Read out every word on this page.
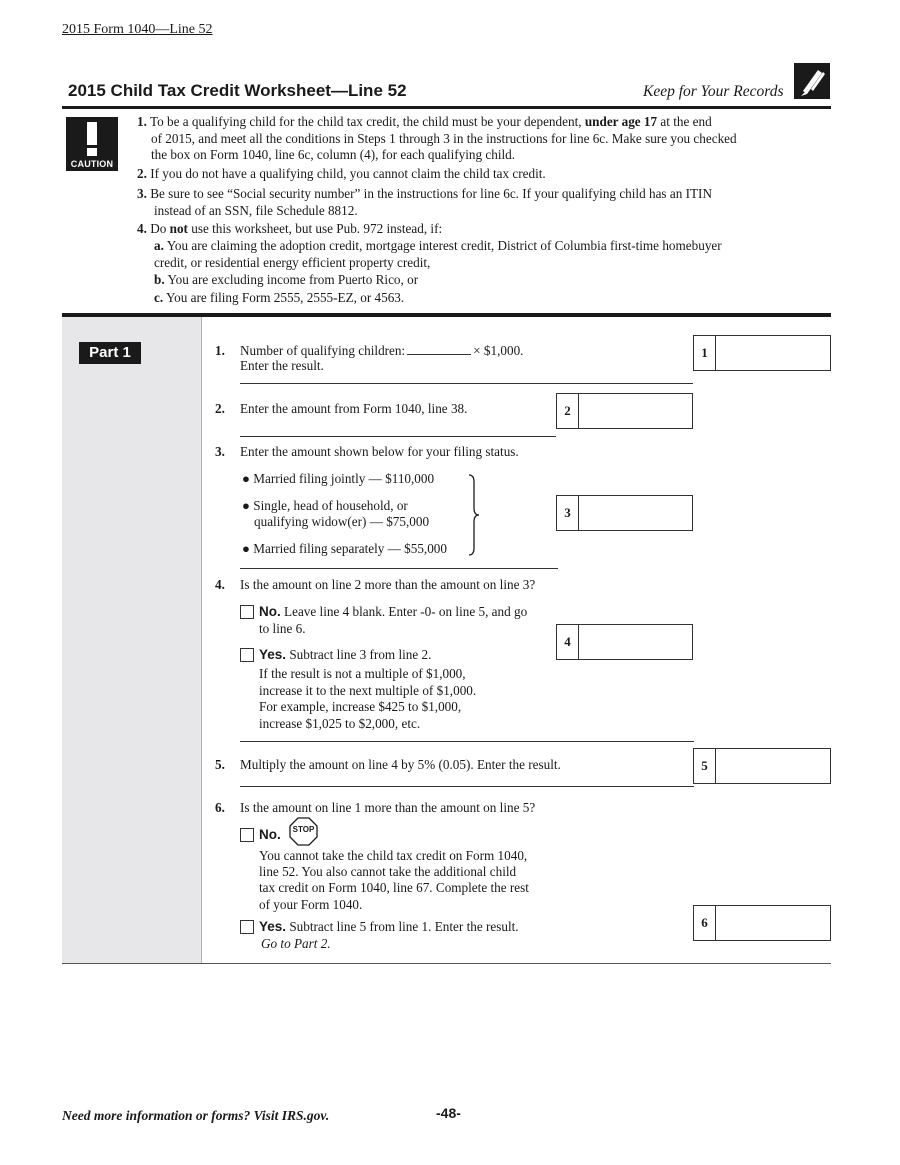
2015 Form 1040—Line 52
2015 Child Tax Credit Worksheet—Line 52	Keep for Your Records
CAUTION
1. To be a qualifying child for the child tax credit, the child must be your dependent, under age 17 at the end
of 2015, and meet all the conditions in Steps 1 through 3 in the instructions for line 6c. Make sure you checked
the box on Form 1040, line 6c, column (4), for each qualifying child.
2. If you do not have a qualifying child, you cannot claim the child tax credit.
3. Be sure to see “Social security number” in the instructions for line 6c. If your qualifying child has an ITIN
instead of an SSN, file Schedule 8812.
4. Do not use this worksheet, but use Pub. 972 instead, if:
a. You are claiming the adoption credit, mortgage interest credit, District of Columbia first-time homebuyer
credit, or residential energy efficient property credit,
b. You are excluding income from Puerto Rico, or
c. You are filing Form 2555, 2555-EZ, or 4563.
Part 1	1. Number of qualifying children:	× $1,000.
Enter the result.
1
2. Enter the amount from Form 1040, line 38.	2
3. Enter the amount shown below for your filing status.
● Married filing jointly — $110,000
● Single, head of household, or
qualifying widow(er) — $75,000
● Married filing separately — $55,000
3
4. Is the amount on line 2 more than the amount on line 3?
No. Leave line 4 blank. Enter -0- on line 5, and go
to line 6.
Yes. Subtract line 3 from line 2.
If the result is not a multiple of $1,000,
increase it to the next multiple of $1,000.
For example, increase $425 to $1,000,
increase $1,025 to $2,000, etc.
4
5. Multiply the amount on line 4 by 5% (0.05). Enter the result.	5
6. Is the amount on line 1 more than the amount on line 5?
No.	STOP
You cannot take the child tax credit on Form 1040,
line 52. You also cannot take the additional child
tax credit on Form 1040, line 67. Complete the rest
of your Form 1040.
Yes. Subtract line 5 from line 1. Enter the result.
Go to Part 2.
6
Need more information or forms? Visit IRS.gov.	-48-
